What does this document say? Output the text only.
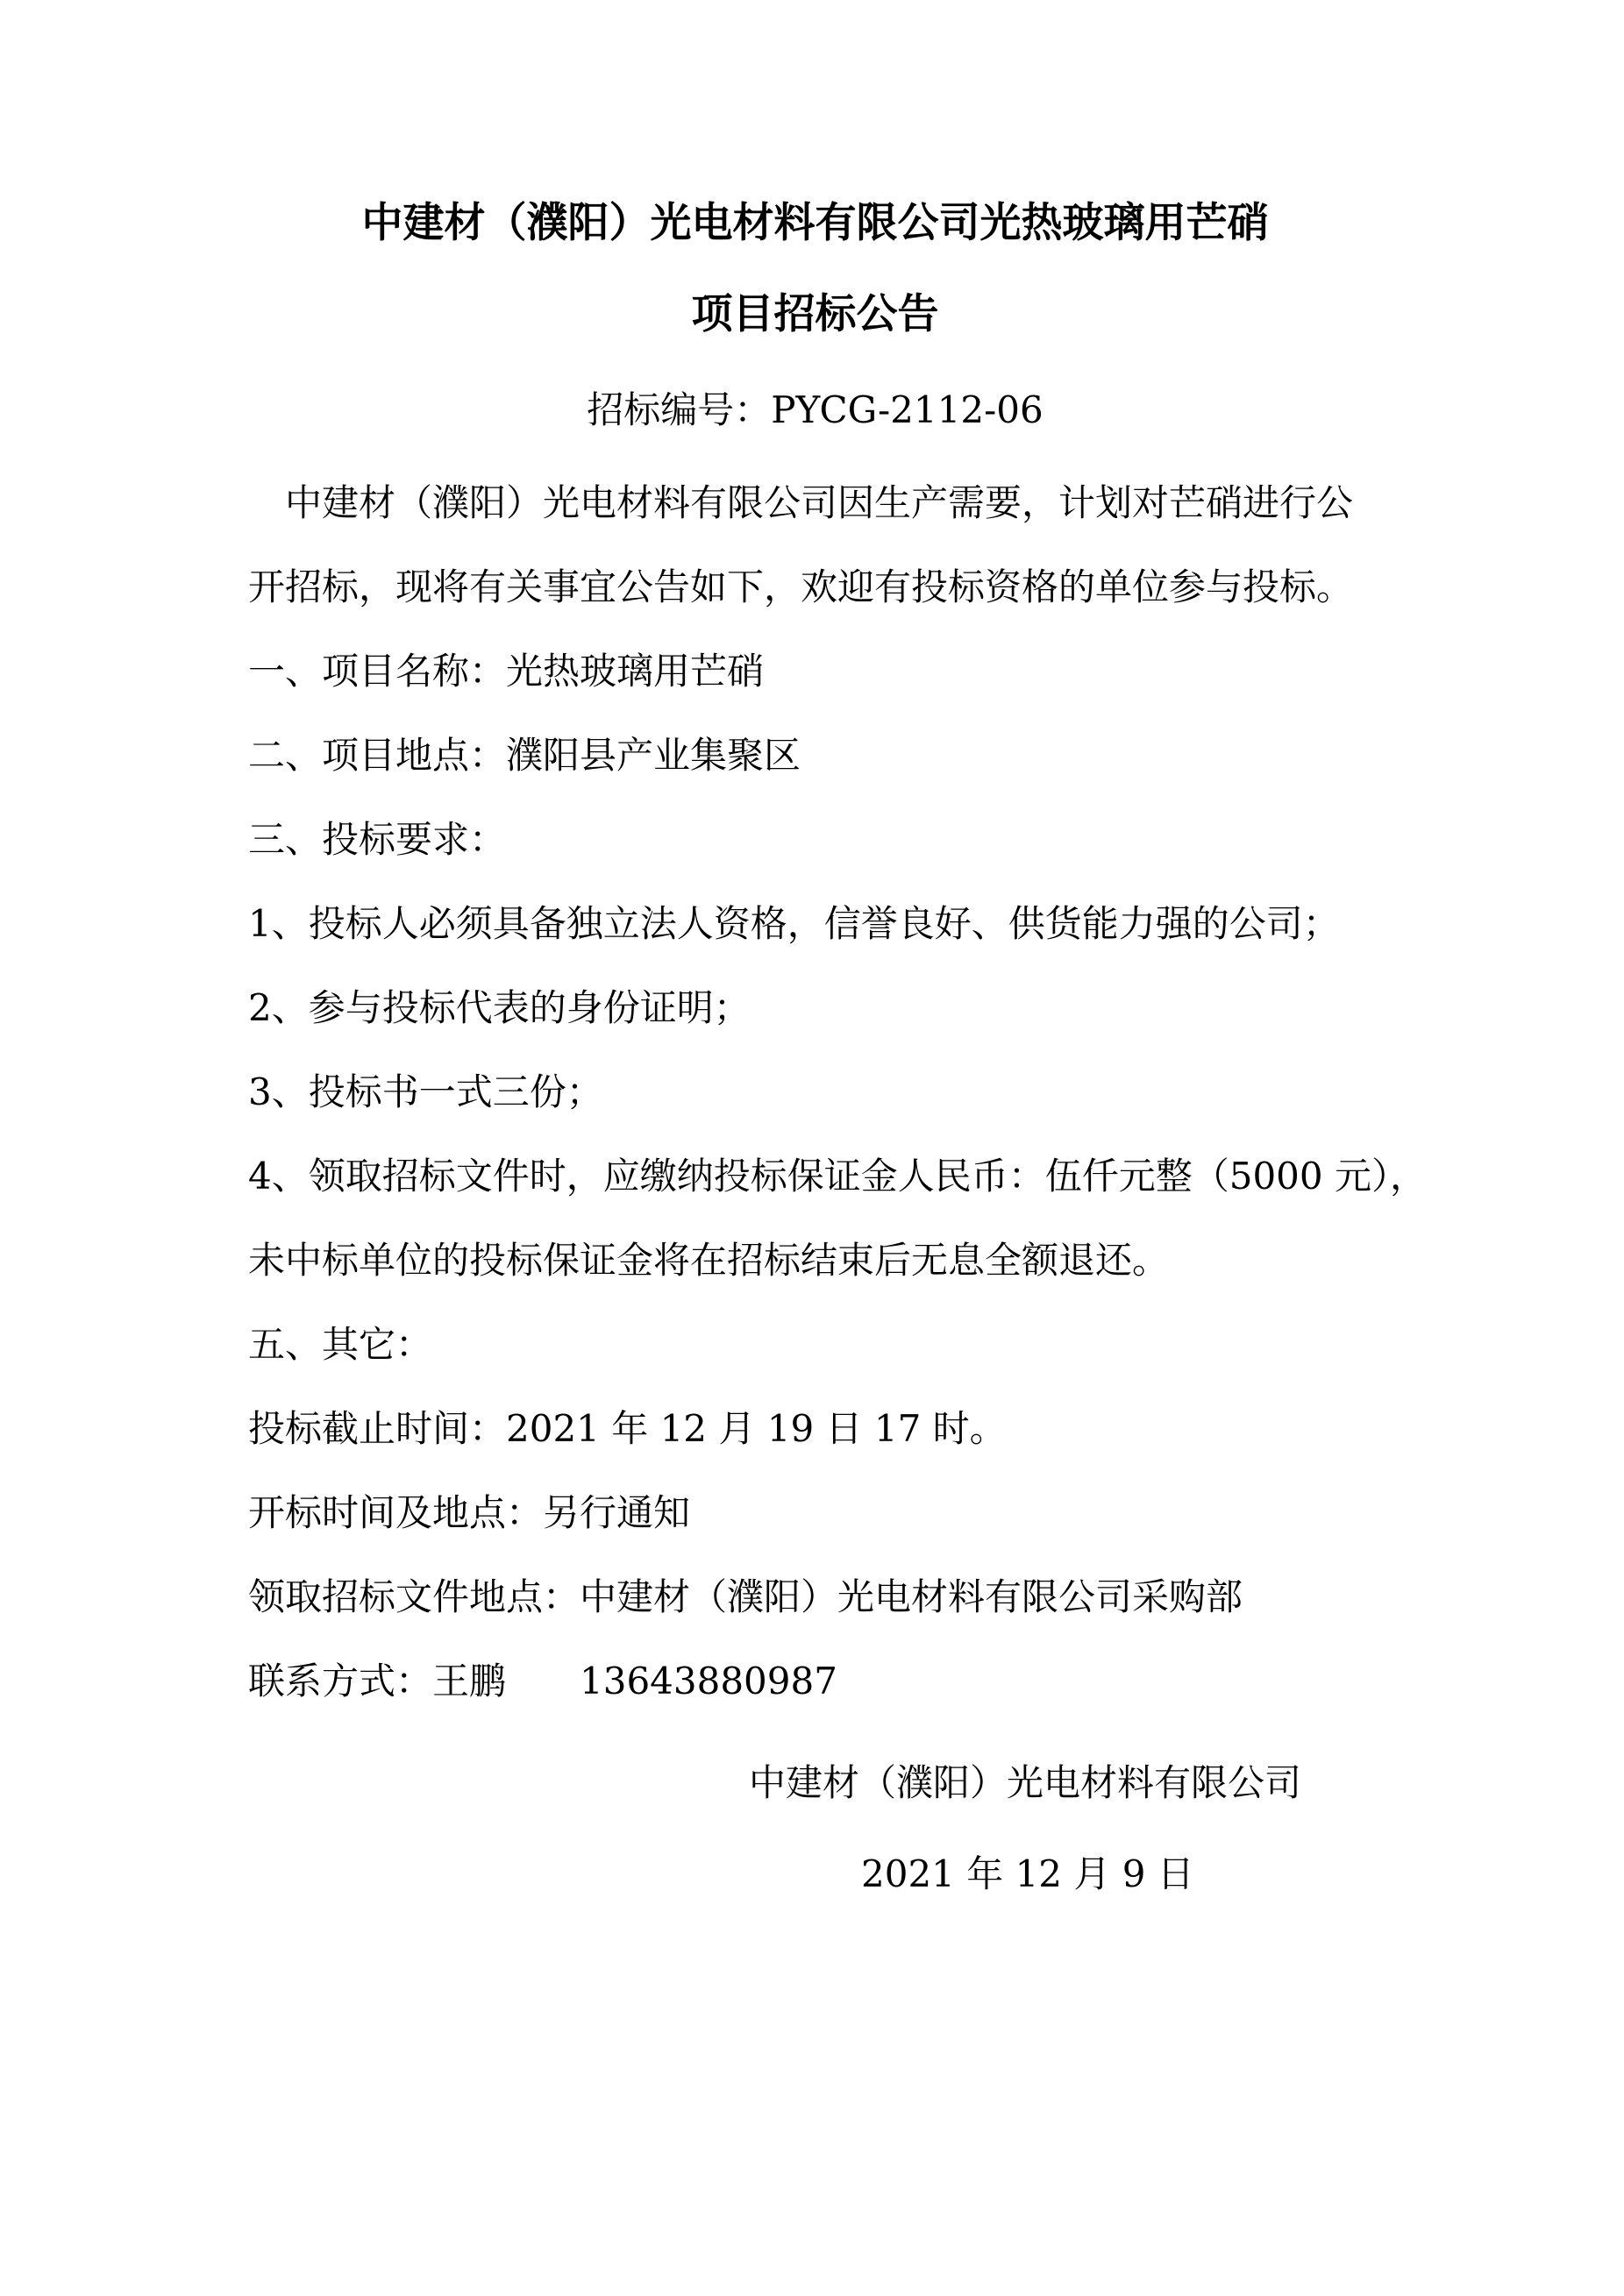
中建材（濮阳）光电材料有限公司光热玻璃用芒硝
项目招标公告
招标编号：PYCG-2112-06
中建材（濮阳）光电材料有限公司因生产需要，计划对芒硝进行公
开招标，现将有关事宜公告如下，欢迎有投标资格的单位参与投标。
一、项目名称：光热玻璃用芒硝
二、项目地点：濮阳县产业集聚区
三、投标要求：
1、投标人必须具备独立法人资格，信誉良好、供货能力强的公司；
2、参与投标代表的身份证明；
3、投标书一式三份；
4、领取招标文件时，应缴纳投标保证金人民币：伍仟元整（5000 元），
未中标单位的投标保证金将在招标结束后无息全额退还。
五、其它：
投标截止时间：2021 年 12 月 19 日 17 时。
开标时间及地点：另行通知
领取招标文件地点：中建材（濮阳）光电材料有限公司采购部
联系方式：王鹏　　13643880987
中建材（濮阳）光电材料有限公司
2021 年 12 月 9 日
